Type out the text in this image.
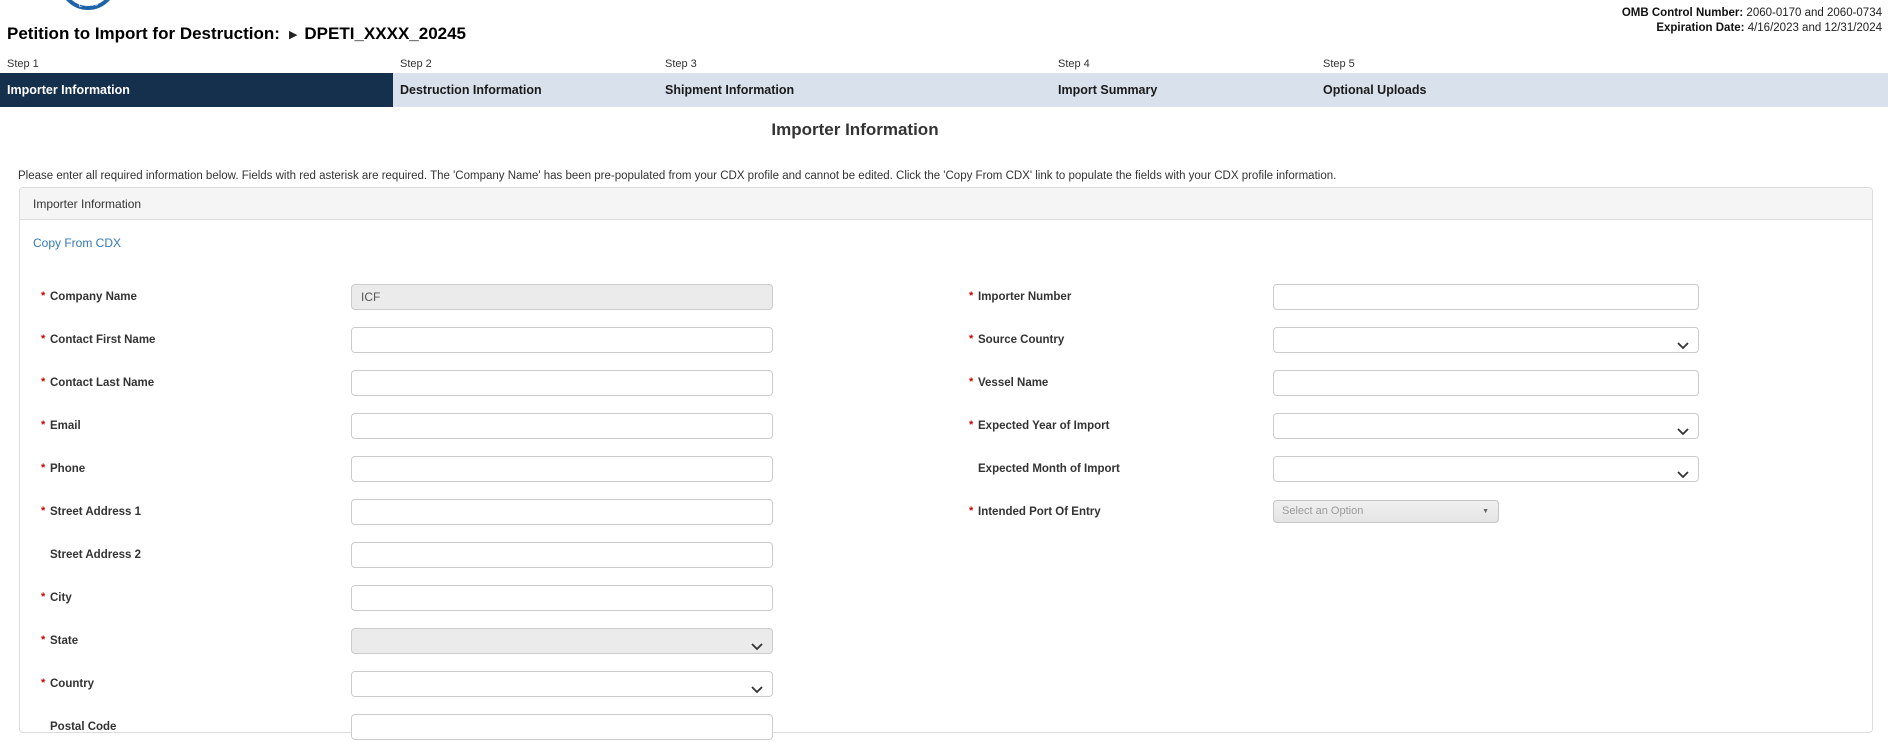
L PRO
OMB Control Number: 2060-0170 and 2060-0734
Expiration Date: 4/16/2023 and 12/31/2024
Petition to Import for Destruction: ▶ DPETI_XXXX_20245
Step 1	Step 2	Step 3	Step 4	Step 5
Importer Information	Destruction Information	Shipment Information	Import Summary	Optional Uploads
Importer Information
Please enter all required information below. Fields with red asterisk are required. The 'Company Name' has been pre-populated from your CDX profile and cannot be edited. Click the 'Copy From CDX' link to populate the fields with your CDX profile information.
Importer Information
Copy From CDX
* Company Name
ICF
* Contact First Name
* Contact Last Name
* Email
* Phone
* Street Address 1
Street Address 2
* City
* State
* Country
Postal Code
* Importer Number
* Source Country
* Vessel Name
* Expected Year of Import
Expected Month of Import
* Intended Port Of Entry	Select an Option	▼
